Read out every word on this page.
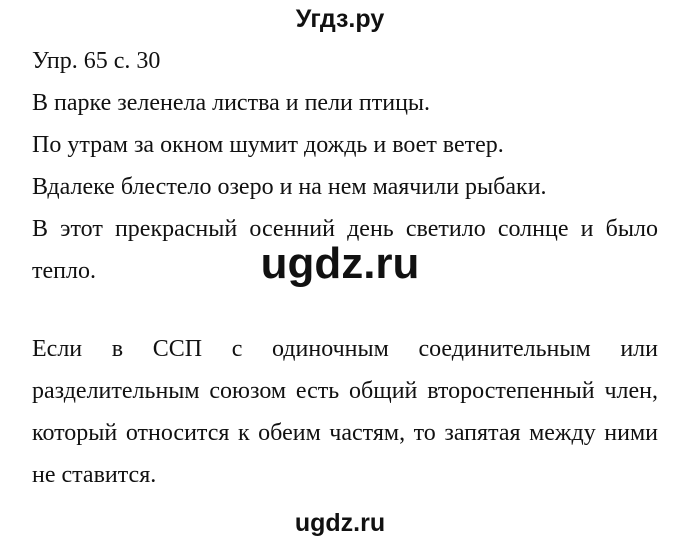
Угдз.ру
Упр. 65 с. 30
В парке зеленела листва и пели птицы.
По утрам за окном шумит дождь и воет ветер.
Вдалеке блестело озеро и на нем маячили рыбаки.
В этот прекрасный осенний день светило солнце и было
тепло.	ugdz.ru
Если в ССП с одиночным соединительным или
разделительным союзом есть общий второстепенный член,
который относится к обеим частям, то запятая между ними
не ставится.
ugdz.ru
